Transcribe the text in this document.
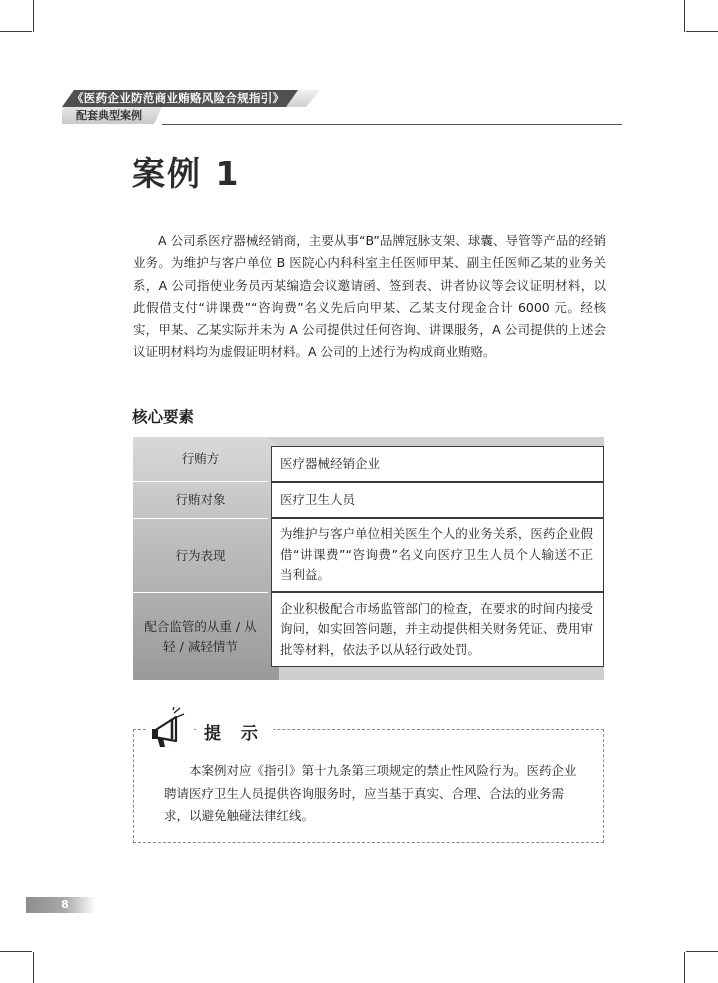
《医药企业防范商业贿赂风险合规指引》
配套典型案例
案例 1

A 公司系医疗器械经销商，主要从事“B”品牌冠脉支架、球囊、导管等产品的经销业务。为维护与客户单位 B 医院心内科科室主任医师甲某、副主任医师乙某的业务关系，A 公司指使业务员丙某编造会议邀请函、签到表、讲者协议等会议证明材料，以此假借支付“讲课费”“咨询费”名义先后向甲某、乙某支付现金合计 6000 元。经核实，甲某、乙某实际并未为 A 公司提供过任何咨询、讲课服务，A 公司提供的上述会议证明材料均为虚假证明材料。A 公司的上述行为构成商业贿赂。

核心要素
行贿方	医疗器械经销企业
行贿对象	医疗卫生人员
行为表现
为维护与客户单位相关医生个人的业务关系，医药企业假借“讲课费”“咨询费”名义向医疗卫生人员个人输送不正当利益。
配合监管的从重 / 从轻 / 减轻情节
企业积极配合市场监管部门的检查，在要求的时间内接受询问，如实回答问题，并主动提供相关财务凭证、费用审批等材料，依法予以从轻行政处罚。
提 示

本案例对应《指引》第十九条第三项规定的禁止性风险行为。医药企业聘请医疗卫生人员提供咨询服务时，应当基于真实、合理、合法的业务需求，以避免触碰法律红线。

8
